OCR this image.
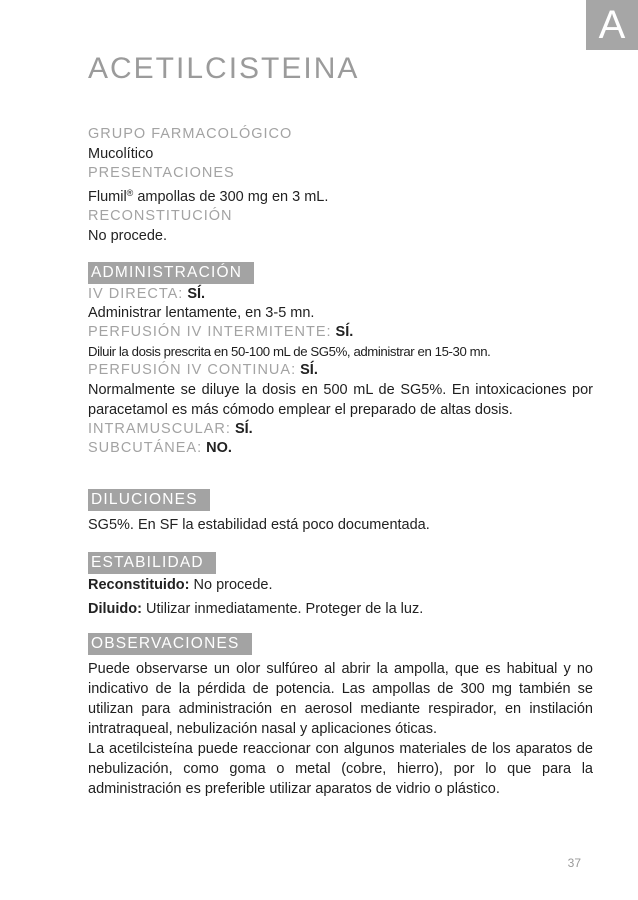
A
ACETILCISTEINA
GRUPO FARMACOLÓGICO
Mucolítico
PRESENTACIONES
Flumil® ampollas de 300 mg en 3 mL.
RECONSTITUCIÓN
No procede.
ADMINISTRACIÓN
IV DIRECTA: SÍ.
Administrar lentamente, en 3-5 mn.
PERFUSIÓN IV INTERMITENTE: SÍ.
Diluir la dosis prescrita en 50-100 mL de SG5%, administrar en 15-30 mn.
PERFUSIÓN IV CONTINUA: SÍ.

Normalmente se diluye la dosis en 500 mL de SG5%. En intoxicaciones por paracetamol es más cómodo emplear el preparado de altas dosis.

INTRAMUSCULAR: SÍ.
SUBCUTÁNEA: NO.
DILUCIONES
SG5%. En SF la estabilidad está poco documentada.
ESTABILIDAD
Reconstituido: No procede.
Diluido: Utilizar inmediatamente. Proteger de la luz.
OBSERVACIONES

Puede observarse un olor sulfúreo al abrir la ampolla, que es habitual y no indicativo de la pérdida de potencia. Las ampollas de 300 mg también se utilizan para administración en aerosol mediante respirador, en instilación intratraqueal, nebulización nasal y aplicaciones óticas.

La acetilcisteína puede reaccionar con algunos materiales de los aparatos de nebulización, como goma o metal (cobre, hierro), por lo que para la administración es preferible utilizar aparatos de vidrio o plástico.

37
